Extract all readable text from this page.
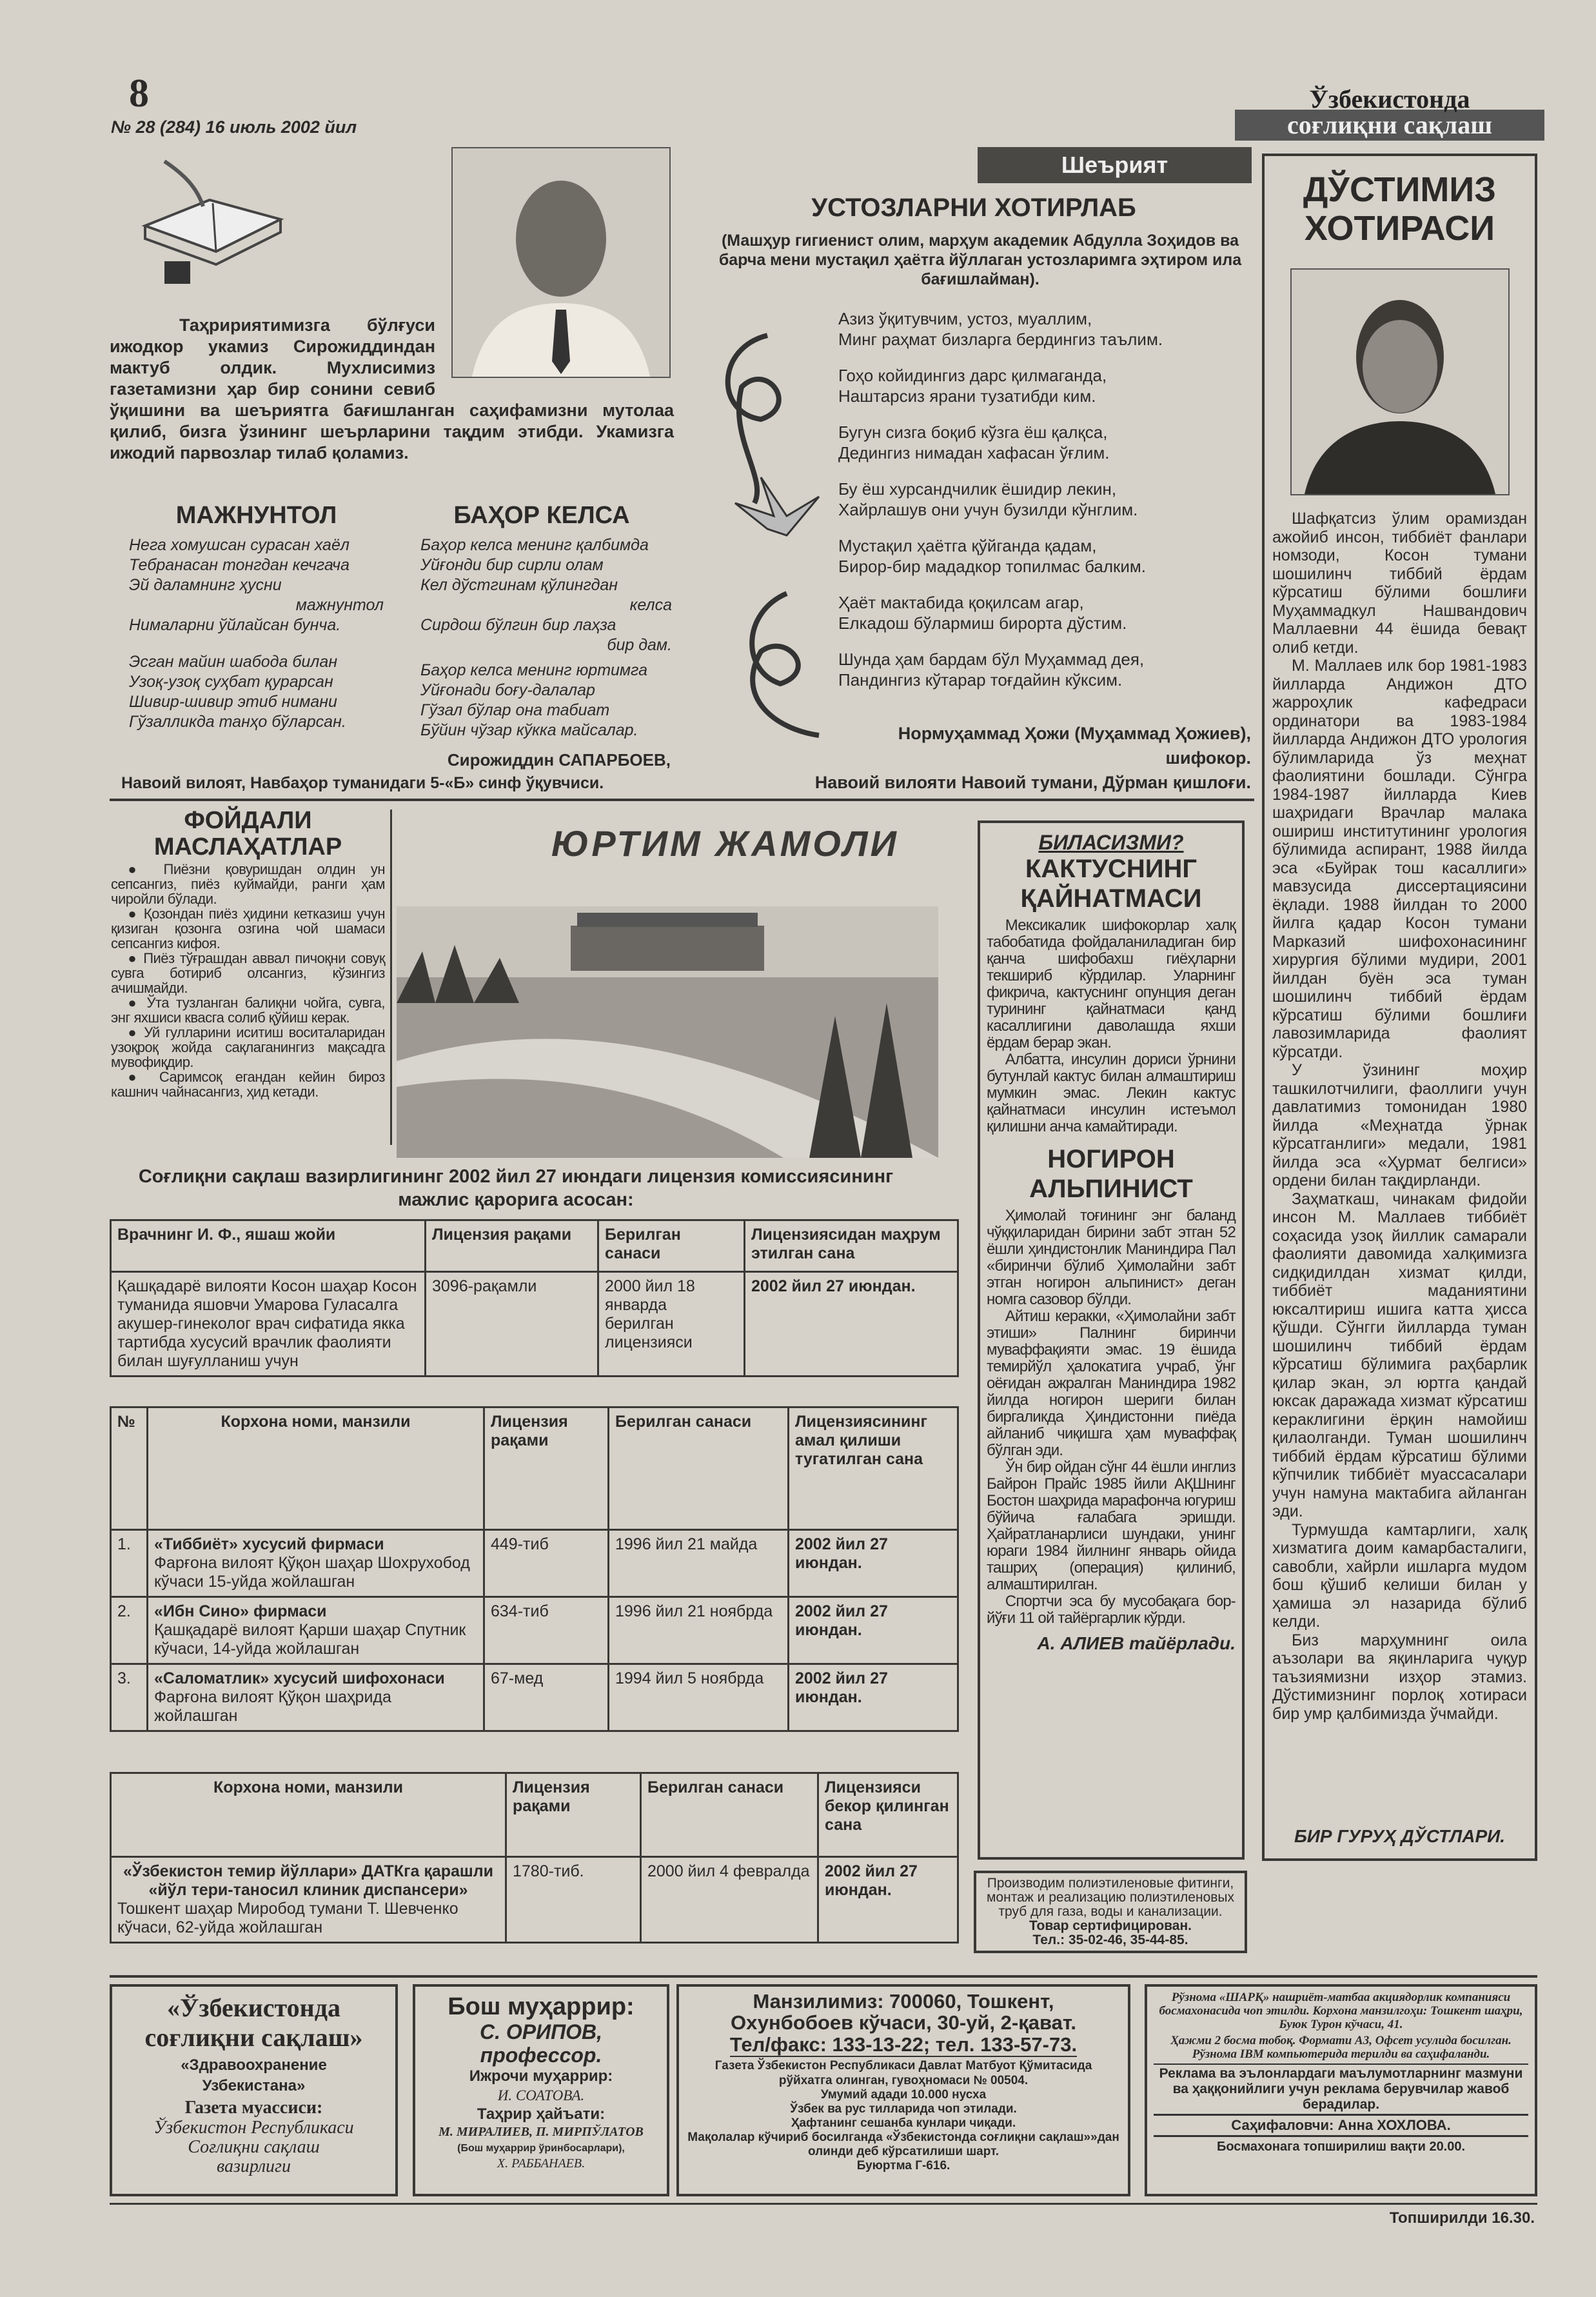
8
№ 28 (284) 16 июль 2002 йил
Ўзбекистонда
соғлиқни сақлаш

Таҳририятимизга бўлғуси ижодкор укамиз Сирожиддиндан мактуб олдик. Мухлисимиз газетамизни ҳар бир сонини севиб ўқишини ва шеъриятга бағишланган саҳифамизни мутолаа қилиб, бизга ўзининг шеърларини тақдим этибди. Укамизга ижодий парвозлар тилаб қоламиз.

МАЖНУНТОЛ	БАҲОР КЕЛСА
Нега хомушсан сурасан хаёл
Тебранасан тонгдан кечгача
Эй даламнинг ҳусни
мажнунтол
Нималарни ўйлайсан бунча.
Эсган майин шабода билан
Узоқ-узоқ суҳбат қурарсан
Шивир-шивир этиб нимани
Гўзалликда танҳо бўларсан.
Баҳор келса менинг қалбимда
Уйғонди бир сирли олам
Кел дўстгинам қўлингдан
келса
Сирдош бўлгин бир лаҳза
бир дам.
Баҳор келса менинг юртимга
Уйғонади боғу-далалар
Гўзал бўлар она табиат
Бўйин чўзар кўкка майсалар.
Сирожиддин САПАРБОЕВ,
Навоий вилоят, Навбаҳор туманидаги 5-«Б» синф ўқувчиси.
Шеърият
УСТОЗЛАРНИ ХОТИРЛАБ
(Машҳур гигиенист олим, марҳум академик Абдулла Зоҳидов ва барча мени мустақил ҳаётга йўллаган устозларимга эҳтиром ила бағишлайман).
Азиз ўқитувчим, устоз, муаллим,
Минг раҳмат бизларга бердингиз таълим.
Гоҳо койидингиз дарс қилмаганда,
Наштарсиз ярани тузатибди ким.
Бугун сизга боқиб кўзга ёш қалқса,
Дедингиз нимадан хафасан ўғлим.
Бу ёш хурсандчилик ёшидир лекин,
Хайрлашув они учун бузилди кўнглим.
Мустақил ҳаётга қўйганда қадам,
Бирор-бир мададкор топилмас балким.
Ҳаёт мактабида қоқилсам агар,
Елкадош бўлармиш бирорта дўстим.
Шунда ҳам бардам бўл Муҳаммад дея,
Пандингиз кўтарар тоғдайин кўксим.
Нормуҳаммад Ҳожи (Муҳаммад Ҳожиев),
шифокор.
Навоий вилояти Навоий тумани, Дўрман қишлоғи.
ДЎСТИМИЗ
ХОТИРАСИ

Шафқатсиз ўлим орамиздан ажойиб инсон, тиббиёт фанлари номзоди, Косон тумани шошилинч тиббий ёрдам кўрсатиш бўлими бошлиғи Муҳаммадкул Нашвандович Маллаевни 44 ёшида бевақт олиб кетди.

М. Маллаев илк бор 1981-1983 йилларда Андижон ДТО жарроҳлик кафедраси ординатори ва 1983-1984 йилларда Андижон ДТО урология бўлимларида ўз меҳнат фаолиятини бошлади. Сўнгра 1984-1987 йилларда Киев шаҳридаги Врачлар малака ошириш институтининг урология бўлимида аспирант, 1988 йилда эса «Буйрак тош касаллиги» мавзусида диссертациясини ёқлади. 1988 йилдан то 2000 йилга қадар Косон тумани Марказий шифохонасининг хирургия бўлими мудири, 2001 йилдан буён эса туман шошилинч тиббий ёрдам кўрсатиш бўлими бошлиғи лавозимларида фаолият кўрсатди.

У ўзининг моҳир ташкилотчилиги, фаоллиги учун давлатимиз томонидан 1980 йилда «Меҳнатда ўрнак кўрсатганлиги» медали, 1981 йилда эса «Ҳурмат белгиси» ордени билан тақдирланди.

Заҳматкаш, чинакам фидойи инсон М. Маллаев тиббиёт соҳасида узоқ йиллик самарали фаолияти давомида халқимизга сидқидилдан хизмат қилди, тиббиёт маданиятини юксалтириш ишига катта ҳисса қўшди. Сўнгги йилларда туман шошилинч тиббий ёрдам кўрсатиш бўлимига раҳбарлик қилар экан, эл юртга қандай юксак даражада хизмат кўрсатиш кераклигини ёрқин намойиш қилаолганди. Туман шошилинч тиббий ёрдам кўрсатиш бўлими кўпчилик тиббиёт муассасалари учун намуна мактабига айланган эди.

Турмушда камтарлиги, халқ хизматига доим камарбасталиги, савобли, хайрли ишларга мудом бош қўшиб келиши билан у ҳамиша эл назарида бўлиб келди.

Биз марҳумнинг оила аъзолари ва яқинларига чуқур таъзиямизни изҳор этамиз. Дўстимизнинг порлоқ хотираси бир умр қалбимизда ўчмайди.

БИР ГУРУҲ ДЎСТЛАРИ.
ФОЙДАЛИ
МАСЛАҲАТЛАР

● Пиёзни қовуришдан олдин ун сепсангиз, пиёз куймайди, ранги ҳам чиройли бўлади.

● Қозондан пиёз ҳидини кетказиш учун қизиган қозонга озгина чой шамаси сепсангиз кифоя.

● Пиёз тўғрашдан аввал пичоқни совуқ сувга ботириб олсангиз, кўзингиз ачишмайди.

● Ўта тузланган балиқни чойга, сувга, энг яхшиси квасга солиб қўйиш керак.

● Уй гулларини иситиш воситаларидан узоқроқ жойда сақлаганингиз мақсадга мувофиқдир.

● Саримсоқ егандан кейин бироз кашнич чайнасангиз, ҳид кетади.

ЮРТИМ ЖАМОЛИ	БИЛАСИЗМИ?
КАКТУСНИНГ ҚАЙНАТМАСИ

Мексикалик шифокорлар халқ табобатида фойдаланиладиган бир қанча шифобахш гиёҳларни текшириб кўрдилар. Уларнинг фикрича, кактуснинг опунция деган турининг қайнатмаси қанд касаллигини даволашда яхши ёрдам берар экан.

Албатта, инсулин дориси ўрнини бутунлай кактус билан алмаштириш мумкин эмас. Лекин кактус қайнатмаси инсулин истеъмол қилишни анча камайтиради.

НОГИРОН АЛЬПИНИСТ

Ҳимолай тоғининг энг баланд чўққиларидан бирини забт этган 52 ёшли ҳиндистонлик Маниндира Пал «биринчи бўлиб Ҳимолайни забт этган ногирон альпинист» деган номга сазовор бўлди.

Айтиш керакки, «Ҳимолайни забт этиши» Палнинг биринчи муваффақияти эмас. 19 ёшида темирйўл ҳалокатига учраб, ўнг оёғидан ажралган Маниндира 1982 йилда ногирон шериги билан биргаликда Ҳиндистонни пиёда айланиб чиқишга ҳам муваффақ бўлган эди.

Ўн бир ойдан сўнг 44 ёшли инглиз Байрон Прайс 1985 йили АҚШнинг Бостон шаҳрида марафонча югуриш бўйича ғалабага эришди. Ҳайратланарлиси шундаки, унинг юраги 1984 йилнинг январь ойида ташриҳ (операция) қилиниб, алмаштирилган.

Спортчи эса бу мусобақага бор-йўғи 11 ой тайёргарлик кўрди.

А. АЛИЕВ тайёрлади.
Соғлиқни сақлаш вазирлигининг 2002 йил 27 июндаги лицензия комиссиясининг мажлис қарорига асосан:
Врачнинг И. Ф., яшаш жойи	Лицензия рақами	Берилган санаси	Лицензиясидан маҳрум этилган сана
Қашқадарё вилояти Косон шаҳар Косон туманида яшовчи Умарова Гуласалга акушер-гинеколог врач сифатида якка тартибда хусусий врачлик фаолияти билан шуғулланиш учун	3096-рақамли	2000 йил 18 январда берилган лицензияси	2002 йил 27 июндан.
№	Корхона номи, манзили	Лицензия рақами	Берилган санаси	Лицензиясининг амал қилиши тугатилган сана
1.	«Тиббиёт» хусусий фирмаси
Фарғона вилоят Қўқон шаҳар Шохрухобод кўчаси 15-уйда жойлашган	449-тиб	1996 йил 21 майда	2002 йил 27 июндан.
2.	«Ибн Сино» фирмаси
Қашқадарё вилоят Қарши шаҳар Спутник кўчаси, 14-уйда жойлашган	634-тиб	1996 йил 21 ноябрда	2002 йил 27 июндан.
3.	«Саломатлик» хусусий шифохонаси
Фарғона вилоят Қўқон шаҳрида жойлашган	67-мед	1994 йил 5 ноябрда	2002 йил 27 июндан.
Корхона номи, манзили	Лицензия рақами	Берилган санаси	Лицензияси бекор қилинган сана

«Ўзбекистон темир йўллари» ДАТКга қарашли «йўл тери-таносил клиник диспансери»
Тошкент шаҳар Миробод тумани Т. Шевченко кўчаси, 62-уйда жойлашган	1780-тиб.	2000 йил 4 февралда	2002 йил 27 июндан.	Производим полиэтиленовые фитинги, монтаж и реализацию полиэтиленовых труб для газа, воды и канализации.
Товар сертифицирован.
Тел.: 35-02-46, 35-44-85.
«Ўзбекистонда
соғлиқни сақлаш»
«Здравоохранение
Узбекистана»
Газета муассиси:
Ўзбекистон Республикаси
Соғлиқни сақлаш
вазирлиги
Бош муҳаррир:
С. ОРИПОВ,
профессор.
Ижрочи муҳаррир:
И. СОАТОВА.
Таҳрир ҳайъати:
М. МИРАЛИЕВ, П. МИРПЎЛАТОВ
(Бош муҳаррир ўринбосарлари),
Х. РАББАНАЕВ.
Манзилимиз: 700060, Тошкент,
Охунбобоев кўчаси, 30-уй, 2-қават.
Тел/факс: 133-13-22; тел. 133-57-73.
Газета Ўзбекистон Республикаси Давлат Матбуот Қўмитасида
рўйхатга олинган, гувоҳномаси № 00504.
Умумий адади 10.000 нусха
Ўзбек ва рус тилларида чоп этилади.
Ҳафтанинг сешанба кунлари чиқади.
Мақолалар кўчириб босилганда «Ўзбекистонда соғлиқни сақлаш»»дан олинди деб кўрсатилиши шарт.
Буюртма Г-616.
Рўзнома «ШАРҚ» нашриёт-матбаа акциядорлик компанияси босмахонасида чоп этилди. Корхона манзилгоҳи: Тошкент шаҳри, Буюк Турон кўчаси, 41.
Ҳажми 2 босма тобоқ. Формати А3, Офсет усулида босилган. Рўзнома IBM компьютерида терилди ва саҳифаланди.
Реклама ва эълонлардаги маълумотларнинг мазмуни ва ҳаққонийлиги учун реклама берувчилар жавоб берадилар.
Саҳифаловчи: Анна ХОХЛОВА.
Босмахонага топширилиш вақти 20.00.
Топширилди 16.30.
